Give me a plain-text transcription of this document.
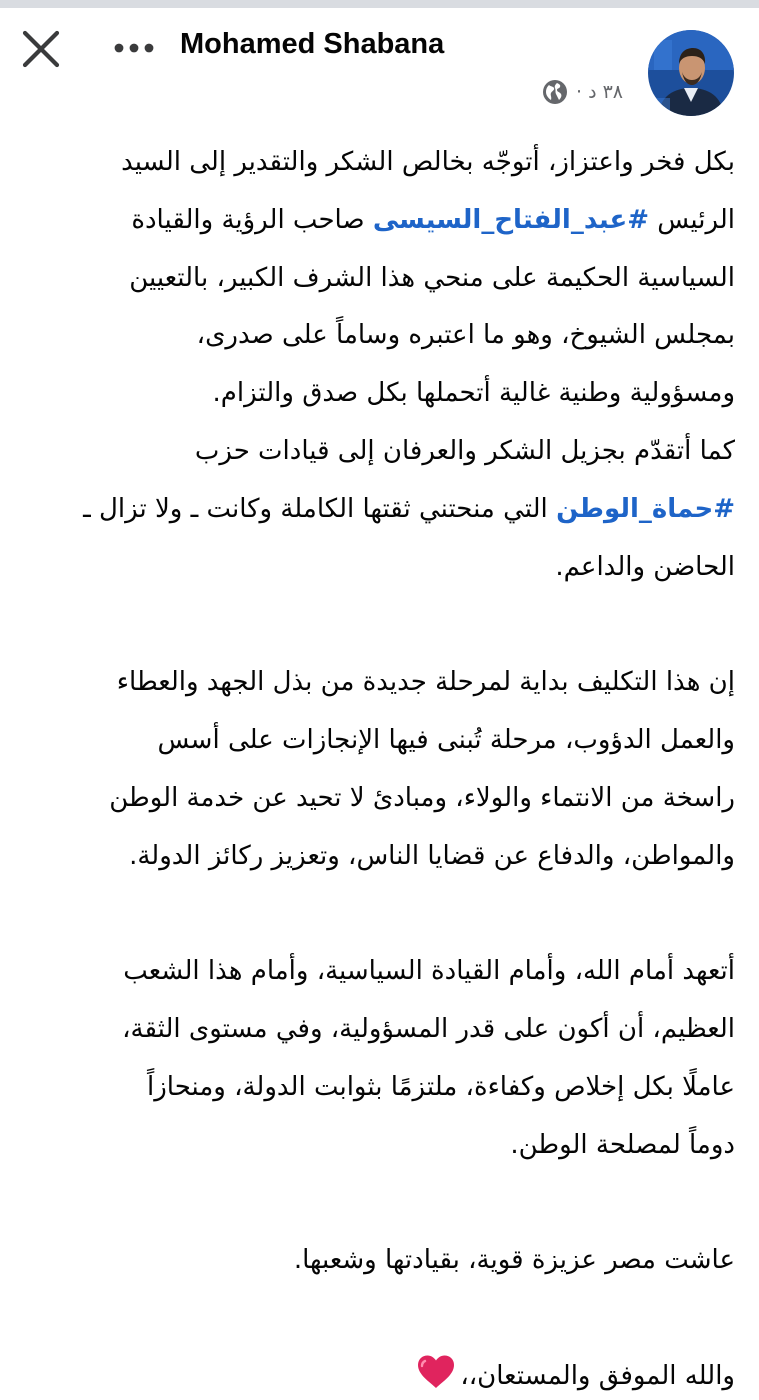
Mohamed Shabana
٣٨ د ·

بكل فخر واعتزاز، أتوجّه بخالص الشكر والتقدير إلى السيد

الرئيس #عبد_الفتاح_السيسى صاحب الرؤية والقيادة

السياسية الحكيمة على منحي هذا الشرف الكبير، بالتعيين

بمجلس الشيوخ، وهو ما اعتبره وساماً على صدرى،

ومسؤولية وطنية غالية أتحملها بكل صدق والتزام.

كما أتقدّم بجزيل الشكر والعرفان إلى قيادات حزب

#حماة_الوطن التي منحتني ثقتها الكاملة وكانت ـ ولا تزال ـ

الحاضن والداعم.

إن هذا التكليف بداية لمرحلة جديدة من بذل الجهد والعطاء

والعمل الدؤوب، مرحلة تُبنى فيها الإنجازات على أسس

راسخة من الانتماء والولاء، ومبادئ لا تحيد عن خدمة الوطن

والمواطن، والدفاع عن قضايا الناس، وتعزيز ركائز الدولة.

أتعهد أمام الله، وأمام القيادة السياسية، وأمام هذا الشعب

العظيم، أن أكون على قدر المسؤولية، وفي مستوى الثقة،

عاملًا بكل إخلاص وكفاءة، ملتزمًا بثوابت الدولة، ومنحازاً

دوماً لمصلحة الوطن.

عاشت مصر عزيزة قوية، بقيادتها وشعبها.

والله الموفق والمستعان،،
